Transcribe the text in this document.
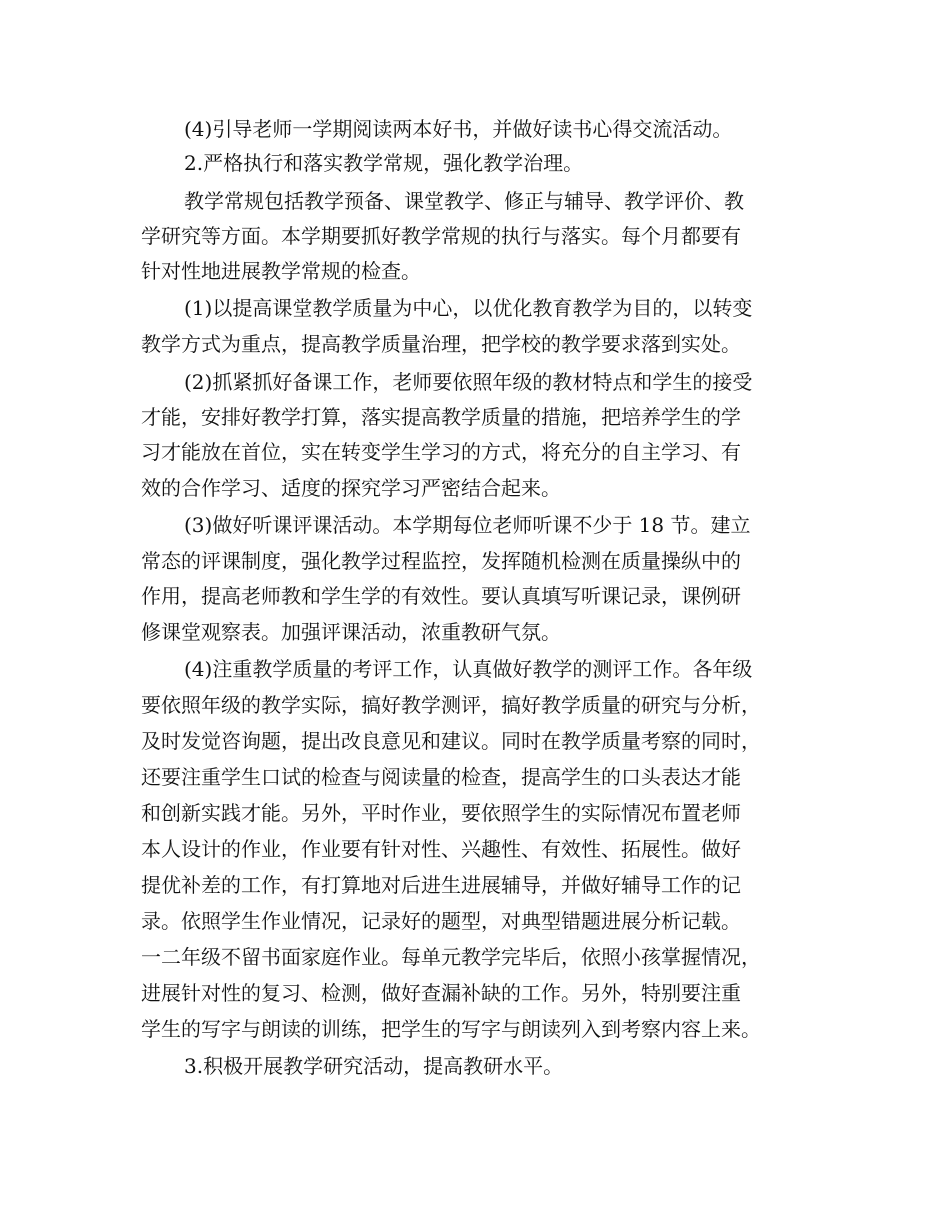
(4)引导老师一学期阅读两本好书，并做好读书心得交流活动。
2.严格执行和落实教学常规，强化教学治理。
教学常规包括教学预备、课堂教学、修正与辅导、教学评价、教
学研究等方面。本学期要抓好教学常规的执行与落实。每个月都要有
针对性地进展教学常规的检查。
(1)以提高课堂教学质量为中心，以优化教育教学为目的，以转变
教学方式为重点，提高教学质量治理，把学校的教学要求落到实处。
(2)抓紧抓好备课工作，老师要依照年级的教材特点和学生的接受
才能，安排好教学打算，落实提高教学质量的措施，把培养学生的学
习才能放在首位，实在转变学生学习的方式，将充分的自主学习、有
效的合作学习、适度的探究学习严密结合起来。
(3)做好听课评课活动。本学期每位老师听课不少于 18 节。建立
常态的评课制度，强化教学过程监控，发挥随机检测在质量操纵中的
作用，提高老师教和学生学的有效性。要认真填写听课记录，课例研
修课堂观察表。加强评课活动，浓重教研气氛。
(4)注重教学质量的考评工作，认真做好教学的测评工作。各年级
要依照年级的教学实际，搞好教学测评，搞好教学质量的研究与分析，
及时发觉咨询题，提出改良意见和建议。同时在教学质量考察的同时，
还要注重学生口试的检查与阅读量的检查，提高学生的口头表达才能
和创新实践才能。另外，平时作业，要依照学生的实际情况布置老师
本人设计的作业，作业要有针对性、兴趣性、有效性、拓展性。做好
提优补差的工作，有打算地对后进生进展辅导，并做好辅导工作的记
录。依照学生作业情况，记录好的题型，对典型错题进展分析记载。
一二年级不留书面家庭作业。每单元教学完毕后，依照小孩掌握情况，
进展针对性的复习、检测，做好查漏补缺的工作。另外，特别要注重
学生的写字与朗读的训练，把学生的写字与朗读列入到考察内容上来。
3.积极开展教学研究活动，提高教研水平。
